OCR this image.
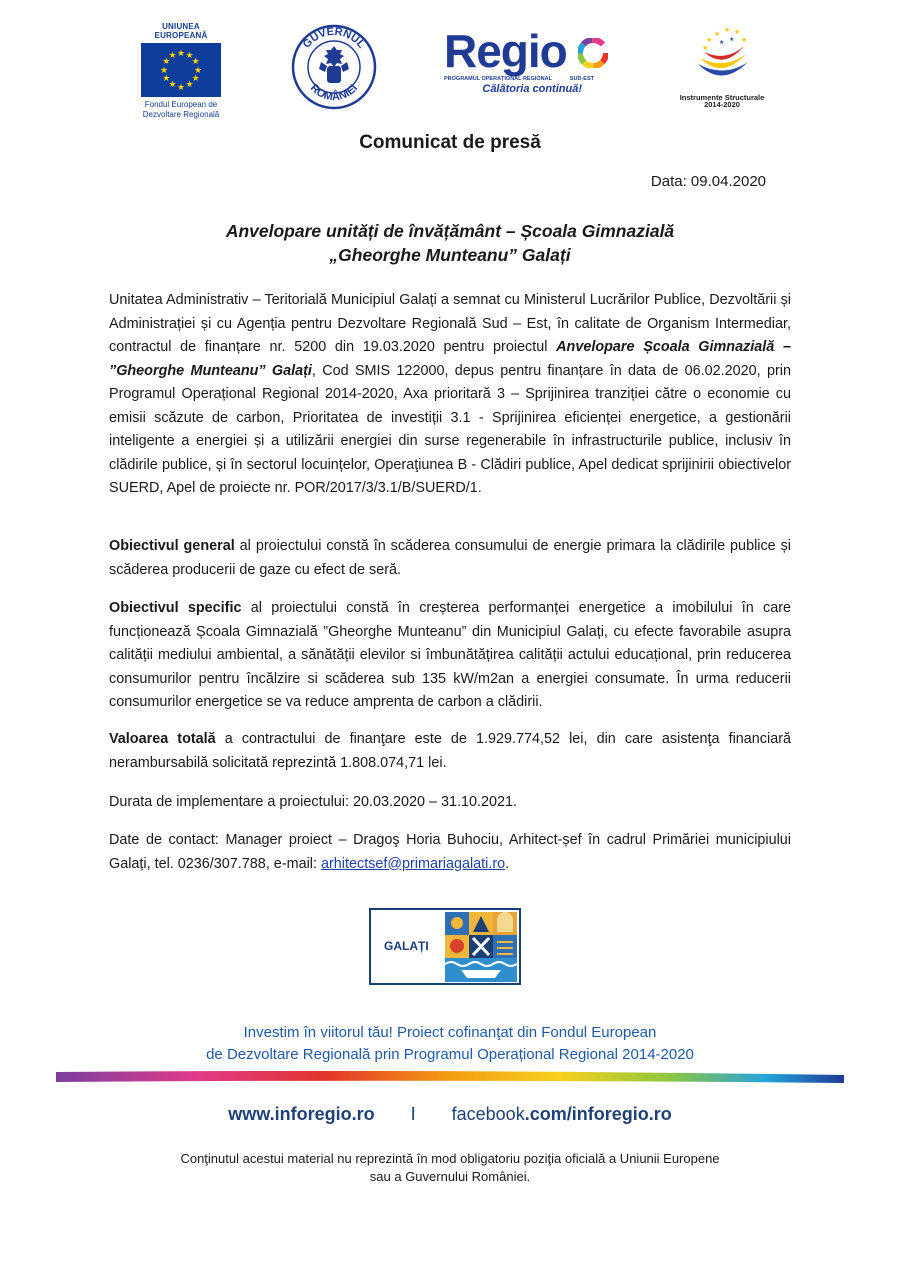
UNIUNEA EUROPEANĂ
★ ★
★
★
★
★
★
★
★
★
★
★
Fondul European de
Dezvoltare Regională
GUVERNUL
ROMÂNIEI
Regio
PROGRAMUL OPERAȚIONAL REGIONAL	SUD-EST
Călătoria continuă!
★ ★ ★
★
★
★
★ ★
Instrumente Structurale
2014-2020
Comunicat de presă
Data: 09.04.2020
Anvelopare unități de învățământ – Școala Gimnazială
„Gheorghe Munteanu” Galați
Unitatea Administrativ – Teritorială Municipiul Galați a semnat cu Ministerul Lucrărilor Publice, Dezvoltării și Administrației și cu Agenția pentru Dezvoltare Regională Sud – Est, în calitate de Organism Intermediar, contractul de finanțare nr. 5200 din 19.03.2020 pentru proiectul Anvelopare Școala Gimnazială – ”Gheorghe Munteanu” Galați, Cod SMIS 122000, depus pentru finanțare în data de 06.02.2020, prin Programul Operațional Regional 2014-2020, Axa prioritară 3 – Sprijinirea tranziției către o economie cu emisii scăzute de carbon, Prioritatea de investiții 3.1 - Sprijinirea eficienței energetice, a gestionării inteligente a energiei și a utilizării energiei din surse regenerabile în infrastructurile publice, inclusiv în clădirile publice, și în sectorul locuințelor, Operaţiunea B - Clădiri publice, Apel dedicat sprijinirii obiectivelor SUERD, Apel de proiecte nr. POR/2017/3/3.1/B/SUERD/1.
Obiectivul general al proiectului constă în scăderea consumului de energie primara la clădirile publice și scăderea producerii de gaze cu efect de seră.
Obiectivul specific al proiectului constă în creșterea performanței energetice a imobilului în care funcționează Școala Gimnazială ”Gheorghe Munteanu” din Municipiul Galați, cu efecte favorabile asupra calității mediului ambiental, a sănătății elevilor si îmbunătățirea calității actului educațional, prin reducerea consumurilor pentru încălzire si scăderea sub 135 kW/m2an a energiei consumate. În urma reducerii consumurilor energetice se va reduce amprenta de carbon a clădirii.
Valoarea totală a contractului de finanţare este de 1.929.774,52 lei, din care asistenţa financiară nerambursabilă solicitată reprezintă 1.808.074,71 lei.
Durata de implementare a proiectului: 20.03.2020 – 31.10.2021.
Date de contact: Manager proiect – Dragoş Horia Buhociu, Arhitect-șef în cadrul Primăriei municipiului Galați, tel. 0236/307.788, e-mail: arhitectsef@primariagalati.ro.
GALAȚI
Investim în viitorul tău! Proiect cofinanţat din Fondul European
de Dezvoltare Regională prin Programul Operațional Regional 2014-2020
www.inforegio.ro I facebook.com/inforegio.ro
Conţinutul acestui material nu reprezintă în mod obligatoriu poziţia oficială a Uniunii Europene
sau a Guvernului României.
